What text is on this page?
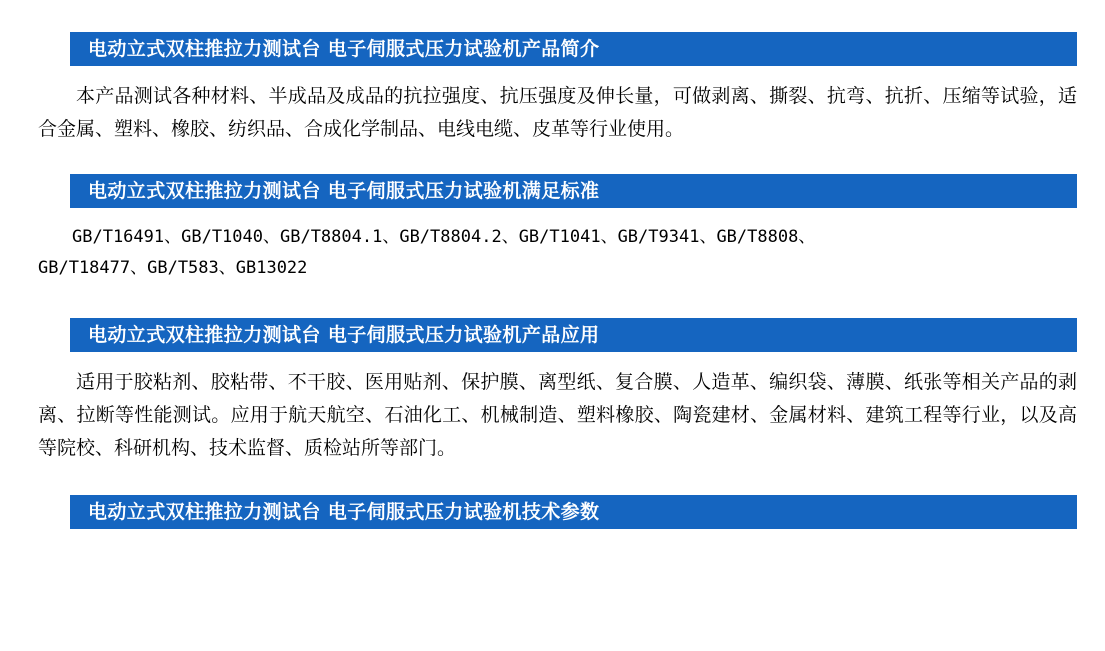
电动立式双柱推拉力测试台 电子伺服式压力试验机产品简介
本产品测试各种材料、半成品及成品的抗拉强度、抗压强度及伸长量，可做剥离、撕裂、抗弯、抗折、压缩等试验，适合金属、塑料、橡胶、纺织品、合成化学制品、电线电缆、皮革等行业使用。
电动立式双柱推拉力测试台 电子伺服式压力试验机满足标准
GB/T16491、GB/T1040、GB/T8804.1、GB/T8804.2、GB/T1041、GB/T9341、GB/T8808、
GB/T18477、GB/T583、GB13022
电动立式双柱推拉力测试台 电子伺服式压力试验机产品应用
适用于胶粘剂、胶粘带、不干胶、医用贴剂、保护膜、离型纸、复合膜、人造革、编织袋、薄膜、纸张等相关产品的剥离、拉断等性能测试。应用于航天航空、石油化工、机械制造、塑料橡胶、陶瓷建材、金属材料、建筑工程等行业，以及高等院校、科研机构、技术监督、质检站所等部门。
电动立式双柱推拉力测试台 电子伺服式压力试验机技术参数
